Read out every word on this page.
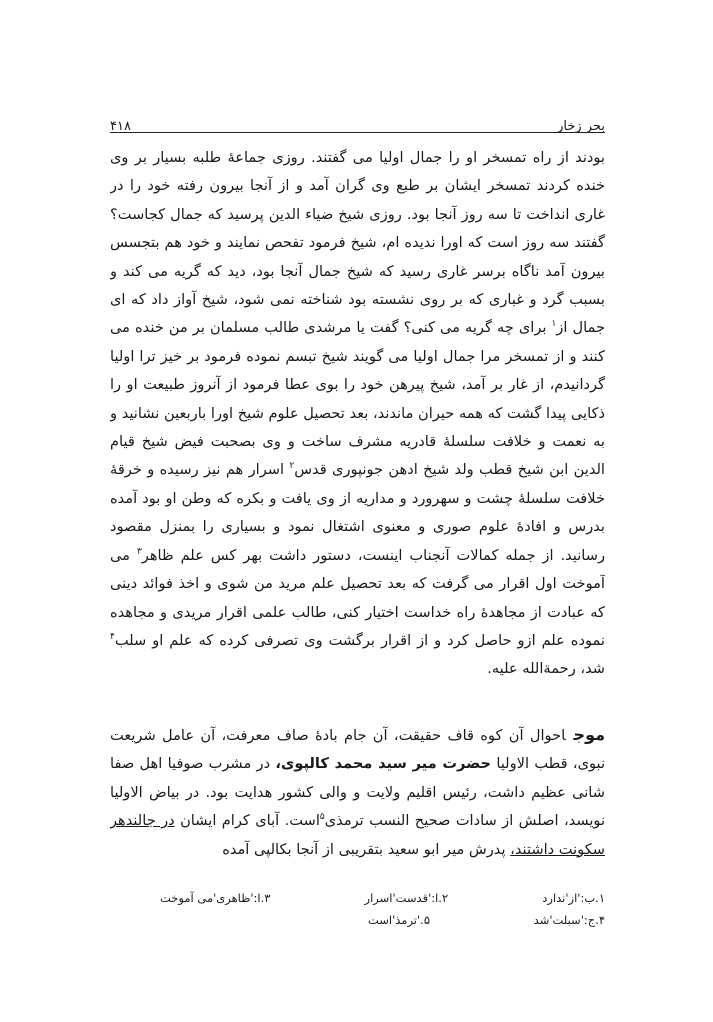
۴۱۸	بحر زخار

بودند از راه تمسخر او را جمال اولیا می گفتند. روزی جماعهٔ طلبه بسیار بر وی خنده کردند تمسخر ایشان بر طبع وی گران آمد و از آنجا بیرون رفته خود را در غاری انداخت تا سه روز آنجا بود. روزی شیخ ضیاء الدین پرسید که جمال کجاست؟ گفتند سه روز است که اورا ندیده ام، شیخ فرمود تفحص نمایند و خود هم بتجسس بیرون آمد ناگاه برسر غاری رسید که شیخ جمال آنجا بود، دید که گریه می کند و بسبب گرد و غباری که بر روی نشسته بود شناخته نمی شود، شیخ آواز داد که ای جمال از$^۱$ برای چه گریه می کنی؟ گفت یا مرشدی طالب مسلمان بر من خنده می کنند و از تمسخر مرا جمال اولیا می گویند شیخ تبسم نموده فرمود بر خیز ترا اولیا گردانیدم، از غار بر آمد، شیخ پیرهن خود را بوی عطا فرمود از آنروز طبیعت او را ذکایی پیدا گشت که همه حیران ماندند، بعد تحصیل علوم شیخ اورا باربعین نشانید و به نعمت و خلافت سلسلهٔ قادریه مشرف ساخت و وی بصحبت فیض شیخ قیام الدین ابن شیخ قطب ولد شیخ ادهن جونپوری قدس$^۲$ اسرار هم نیز رسیده و خرقهٔ خلافت سلسلهٔ چشت و سهرورد و مداریه از وی یافت و بکره که وطن او بود آمده بدرس و افادهٔ علوم صوری و معنوی اشتغال نمود و بسیاری را بمنزل مقصود رسانید. از جمله کمالات آنجناب اینست، دستور داشت بهر کس علم ظاهر$^۳$ می آموخت اول اقرار می گرفت که بعد تحصیل علم مرید من شوی و اخذ فوائد دینی که عبادت از مجاهدهٔ راه خداست اختیار کنی، طالب علمی اقرار مریدی و مجاهده نموده علم ازو حاصل کرد و از اقرار برگشت وی تصرفی کرده که علم او سلب$^۴$ شد، رحمةالله علیه.

موجاحوال آن کوه قاف حقیقت، آن جام بادهٔ صاف معرفت، آن عامل شریعت نبوی، قطب الاولیا حضرت میر سید محمد کالپوی، در مشرب صوفیا اهل صفا شانی عظیم داشت، رئیس اقلیم ولایت و والی کشور هدایت بود. در بیاض الاولیا نویسد، اصلش از سادات صحیح النسب ترمذی$^۵$است. آبای کرام ایشان در جالندهر سکونت داشتند، پدرش میر ابو سعید بتقریبی از آنجا بکالپی آمده

۱.ب:'از'ندارد
۲.ا:'قدست'اسرار
۳.ا:'ظاهری'می آموخت
۴.ج:'سبلت'شد
۵.'ترمذ'است
